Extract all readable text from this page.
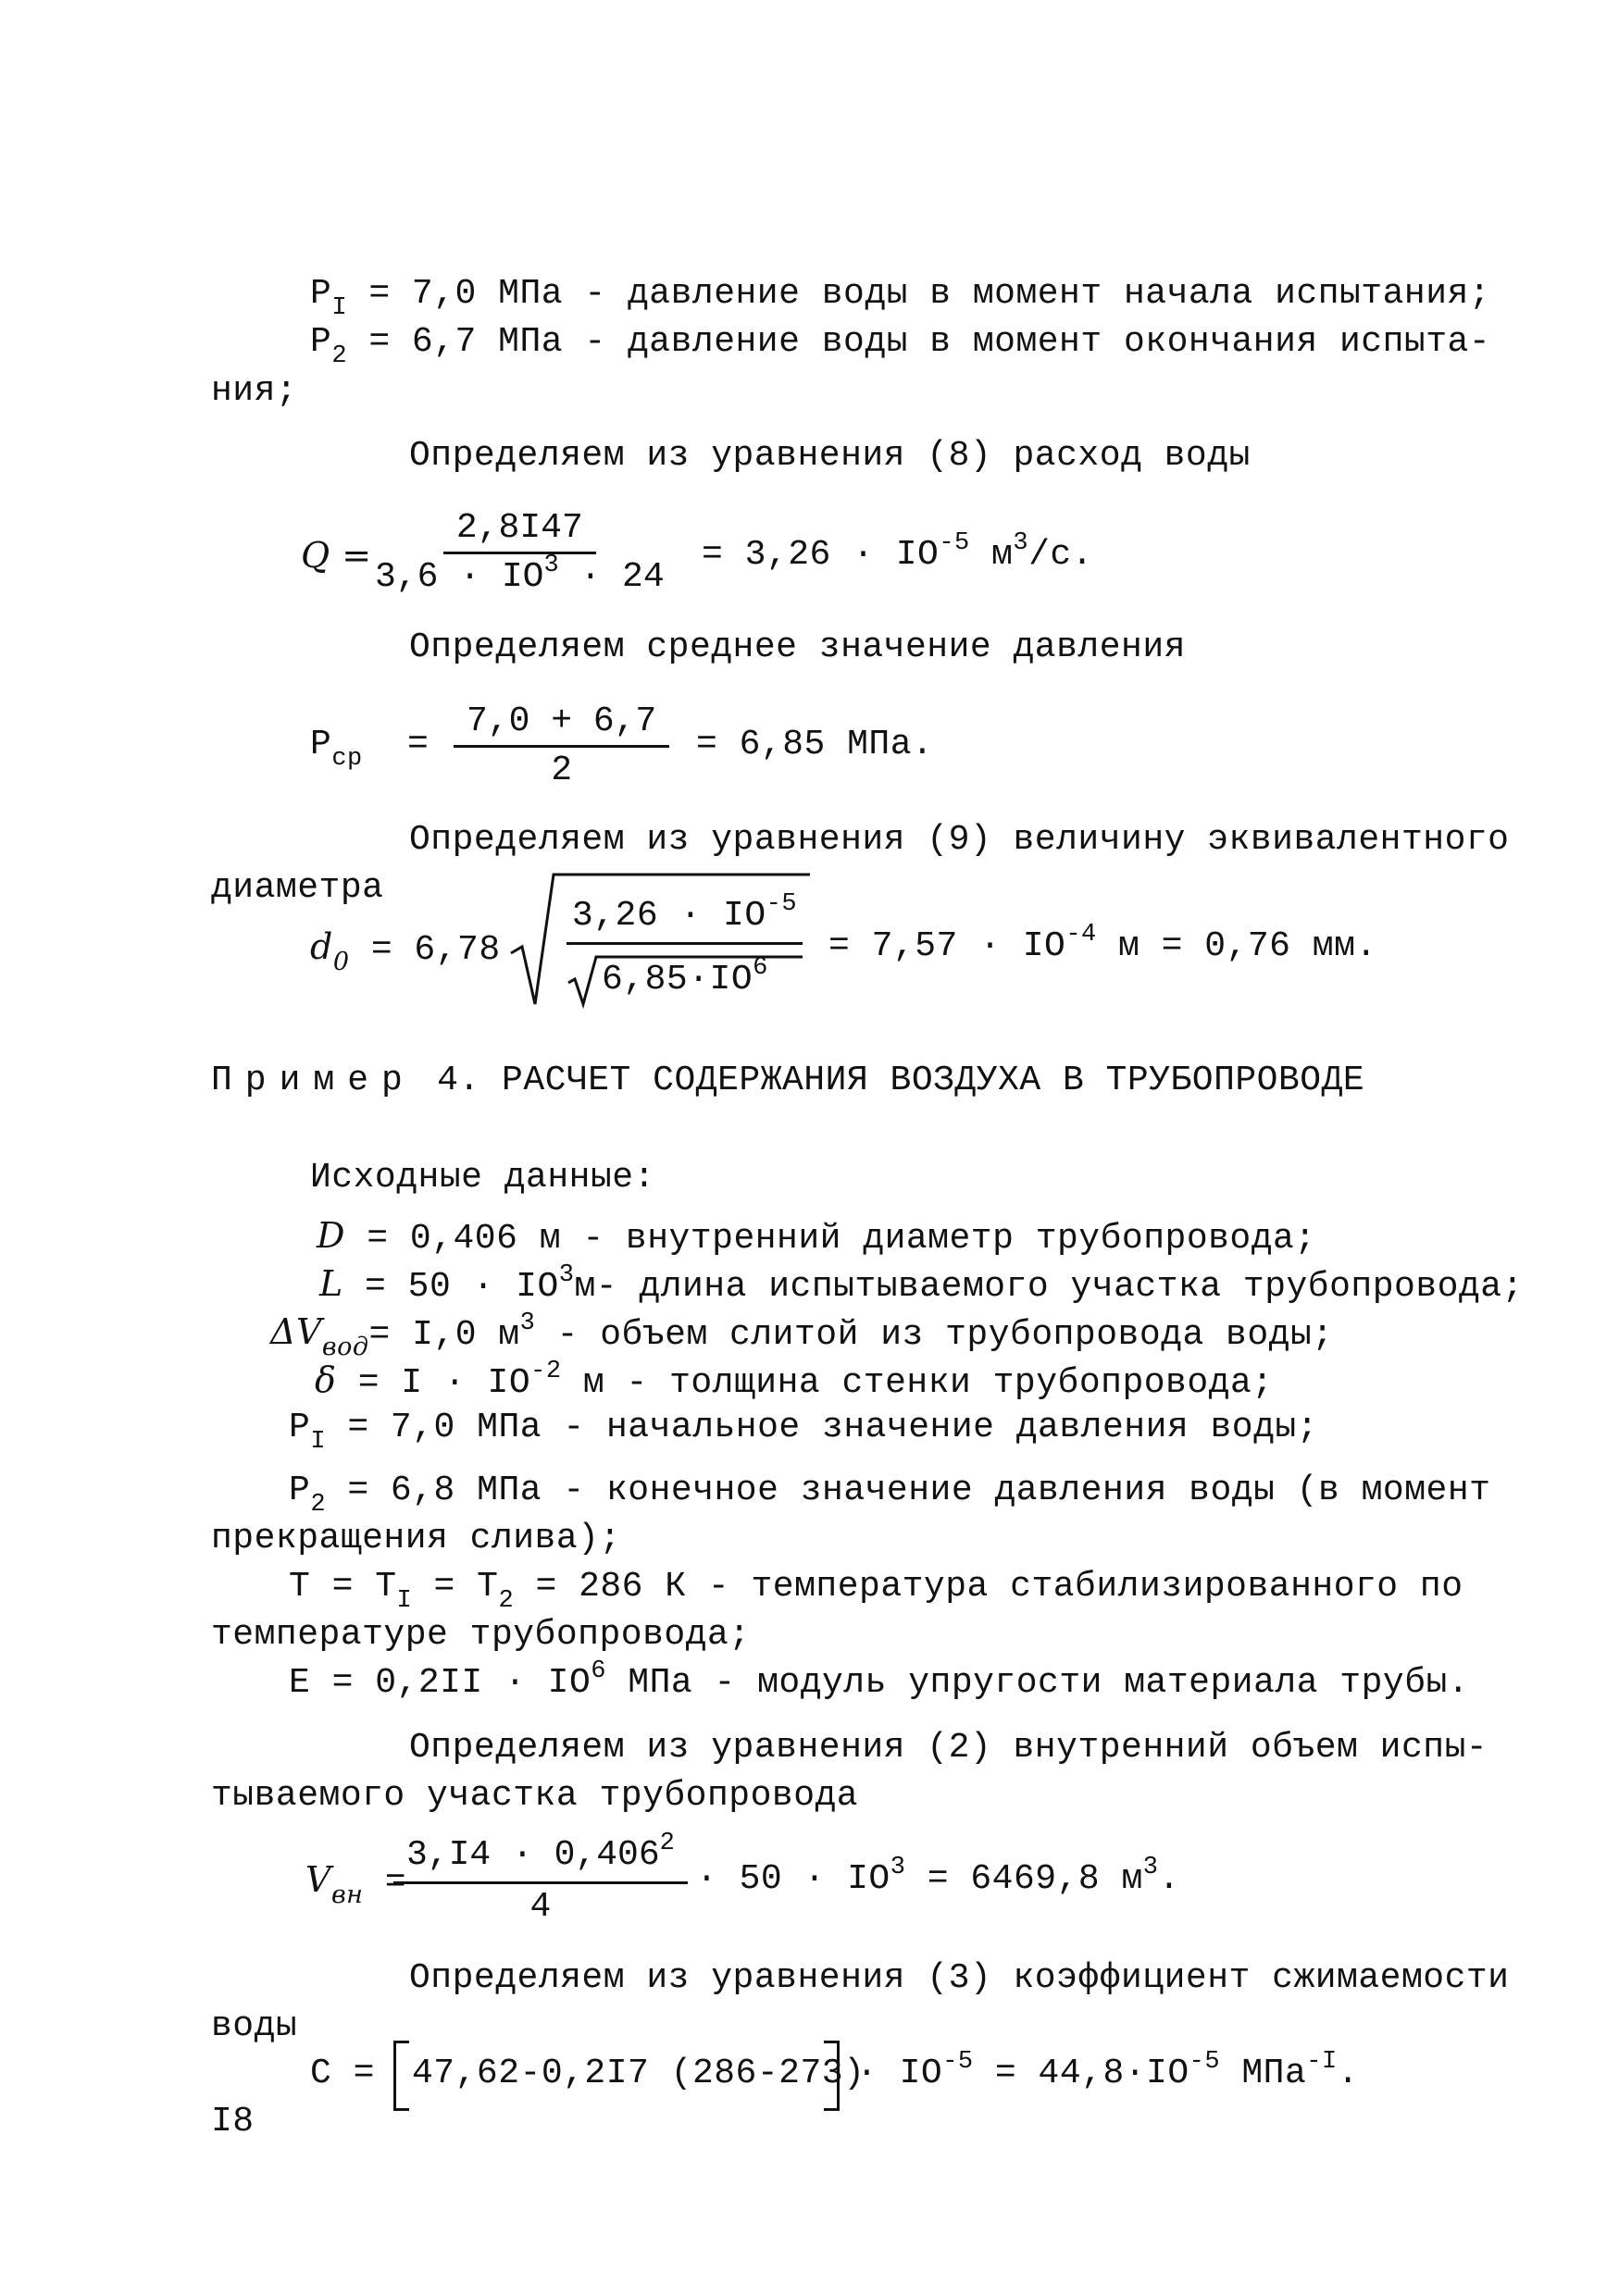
$P_I = 7,0$ МПа - давление воды в момент начала испытания;
$P_2 = 6,7$ МПа - давление воды в момент окончания испыта-
ния;
Определяем из уравнения (8) расход воды
$Q = \frac{2,8I47}{3,6 \cdot IO^3 \cdot 24} = 3,26 \cdot IO^{-5}$ $м^3/с$.
Определяем среднее значение давления
$P_{ср} = \frac{7,0 + 6,7}{2} = 6,85$ МПа.
Определяем из уравнения (9) величину эквивалентного
диаметра
$d_0 = 6,78$
$3,26 \cdot IO^{-5}$
$6,85\cdot IO^6$
= $7,57 \cdot IO^{-4}$ м = 0,76 мм.
Пример 4. РАСЧЕТ СОДЕРЖАНИЯ ВОЗДУХА В ТРУБОПРОВОДЕ
Исходные данные:
D = 0,406 м - внутренний диаметр трубопровода;
$L = 50 \cdot IO^3м-$ длина испытываемого участка трубопровода;
$\Delta V_{вод}= I,0$ $м^3$ - объем слитой из трубопровода воды;
$\delta = I \cdot IO^{-2}$ м - толщина стенки трубопровода;
$P_I = 7,0$ МПа - начальное значение давления воды;
$P_2 = 6,8$ МПа - конечное значение давления воды (в момент
прекращения слива);
$T = T_I = T_2 = 286$ К - температура стабилизированного по
температуре трубопровода;
$E = 0,2II \cdot IO^6$ МПа - модуль упругости материала трубы.
Определяем из уравнения (2) внутренний объем испы-
тываемого участка трубопровода
$V_{вн}$ =
$\frac{3,I4 \cdot 0,406^2}{4} \cdot 50 \cdot IO^3 = 6469,8$ $м^3$.
Определяем из уравнения (3) коэффициент сжимаемости
воды
C = 47,62-0,2I7 (286-273)
· $IO^{-5} = 44,8\cdot IO^{-5}$ МПа$^{-I}$.
I8
